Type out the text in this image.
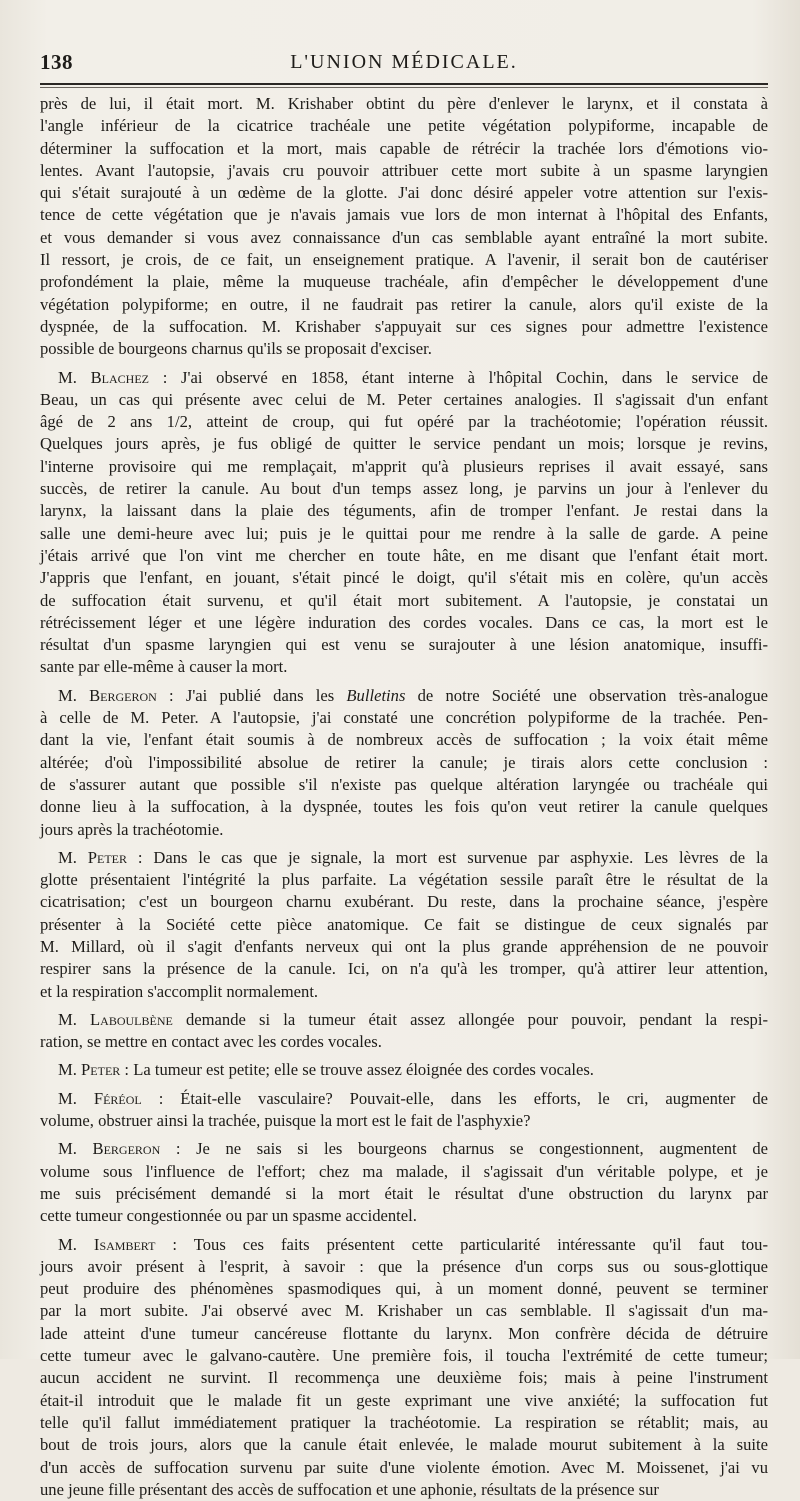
138	L'UNION MÉDICALE.
près de lui, il était mort. M. Krishaber obtint du père d'enlever le larynx, et il constata à
l'angle inférieur de la cicatrice trachéale une petite végétation polypiforme, incapable de
déterminer la suffocation et la mort, mais capable de rétrécir la trachée lors d'émotions vio-
lentes. Avant l'autopsie, j'avais cru pouvoir attribuer cette mort subite à un spasme laryngien
qui s'était surajouté à un œdème de la glotte. J'ai donc désiré appeler votre attention sur l'exis-
tence de cette végétation que je n'avais jamais vue lors de mon internat à l'hôpital des Enfants,
et vous demander si vous avez connaissance d'un cas semblable ayant entraîné la mort subite.
Il ressort, je crois, de ce fait, un enseignement pratique. A l'avenir, il serait bon de cautériser
profondément la plaie, même la muqueuse trachéale, afin d'empêcher le développement d'une
végétation polypiforme; en outre, il ne faudrait pas retirer la canule, alors qu'il existe de la
dyspnée, de la suffocation. M. Krishaber s'appuyait sur ces signes pour admettre l'existence
possible de bourgeons charnus qu'ils se proposait d'exciser.
M. Blachez : J'ai observé en 1858, étant interne à l'hôpital Cochin, dans le service de
Beau, un cas qui présente avec celui de M. Peter certaines analogies. Il s'agissait d'un enfant
âgé de 2 ans 1/2, atteint de croup, qui fut opéré par la trachéotomie; l'opération réussit.
Quelques jours après, je fus obligé de quitter le service pendant un mois; lorsque je revins,
l'interne provisoire qui me remplaçait, m'apprit qu'à plusieurs reprises il avait essayé, sans
succès, de retirer la canule. Au bout d'un temps assez long, je parvins un jour à l'enlever du
larynx, la laissant dans la plaie des téguments, afin de tromper l'enfant. Je restai dans la
salle une demi-heure avec lui; puis je le quittai pour me rendre à la salle de garde. A peine
j'étais arrivé que l'on vint me chercher en toute hâte, en me disant que l'enfant était mort.
J'appris que l'enfant, en jouant, s'était pincé le doigt, qu'il s'était mis en colère, qu'un accès
de suffocation était survenu, et qu'il était mort subitement. A l'autopsie, je constatai un
rétrécissement léger et une légère induration des cordes vocales. Dans ce cas, la mort est le
résultat d'un spasme laryngien qui est venu se surajouter à une lésion anatomique, insuffi-
sante par elle-même à causer la mort.
M. Bergeron : J'ai publié dans les Bulletins de notre Société une observation très-analogue
à celle de M. Peter. A l'autopsie, j'ai constaté une concrétion polypiforme de la trachée. Pen-
dant la vie, l'enfant était soumis à de nombreux accès de suffocation ; la voix était même
altérée; d'où l'impossibilité absolue de retirer la canule; je tirais alors cette conclusion :
de s'assurer autant que possible s'il n'existe pas quelque altération laryngée ou trachéale qui
donne lieu à la suffocation, à la dyspnée, toutes les fois qu'on veut retirer la canule quelques
jours après la trachéotomie.
M. Peter : Dans le cas que je signale, la mort est survenue par asphyxie. Les lèvres de la
glotte présentaient l'intégrité la plus parfaite. La végétation sessile paraît être le résultat de la
cicatrisation; c'est un bourgeon charnu exubérant. Du reste, dans la prochaine séance, j'espère
présenter à la Société cette pièce anatomique. Ce fait se distingue de ceux signalés par
M. Millard, où il s'agit d'enfants nerveux qui ont la plus grande appréhension de ne pouvoir
respirer sans la présence de la canule. Ici, on n'a qu'à les tromper, qu'à attirer leur attention,
et la respiration s'accomplit normalement.
M. Laboulbène demande si la tumeur était assez allongée pour pouvoir, pendant la respi-
ration, se mettre en contact avec les cordes vocales.
M. Peter : La tumeur est petite; elle se trouve assez éloignée des cordes vocales.
M. Féréol : Était-elle vasculaire? Pouvait-elle, dans les efforts, le cri, augmenter de
volume, obstruer ainsi la trachée, puisque la mort est le fait de l'asphyxie?
M. Bergeron : Je ne sais si les bourgeons charnus se congestionnent, augmentent de
volume sous l'influence de l'effort; chez ma malade, il s'agissait d'un véritable polype, et je
me suis précisément demandé si la mort était le résultat d'une obstruction du larynx par
cette tumeur congestionnée ou par un spasme accidentel.
M. Isambert : Tous ces faits présentent cette particularité intéressante qu'il faut tou-
jours avoir présent à l'esprit, à savoir : que la présence d'un corps sus ou sous-glottique
peut produire des phénomènes spasmodiques qui, à un moment donné, peuvent se terminer
par la mort subite. J'ai observé avec M. Krishaber un cas semblable. Il s'agissait d'un ma-
lade atteint d'une tumeur cancéreuse flottante du larynx. Mon confrère décida de détruire
cette tumeur avec le galvano-cautère. Une première fois, il toucha l'extrémité de cette tumeur;
aucun accident ne survint. Il recommença une deuxième fois; mais à peine l'instrument
était-il introduit que le malade fit un geste exprimant une vive anxiété; la suffocation fut
telle qu'il fallut immédiatement pratiquer la trachéotomie. La respiration se rétablit; mais, au
bout de trois jours, alors que la canule était enlevée, le malade mourut subitement à la suite
d'un accès de suffocation survenu par suite d'une violente émotion. Avec M. Moissenet, j'ai vu
une jeune fille présentant des accès de suffocation et une aphonie, résultats de la présence sur
